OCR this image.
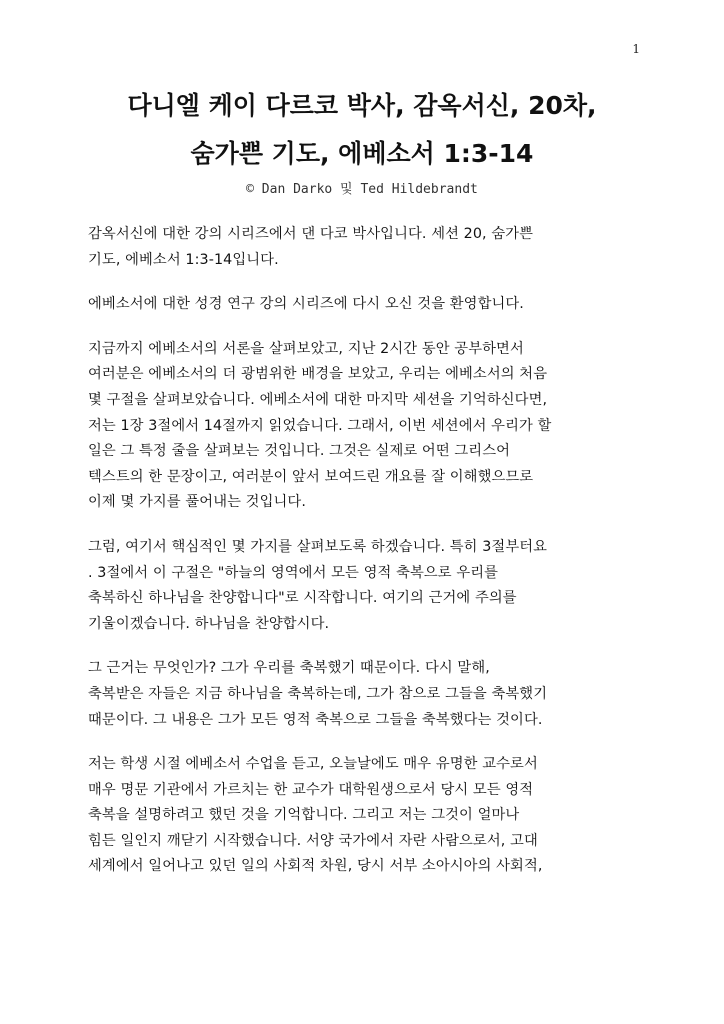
1
다니엘 케이 다르코 박사, 감옥서신, 20차,
숨가쁜 기도, 에베소서 1:3-14
© Dan Darko 및 Ted Hildebrandt

감옥서신에 대한 강의 시리즈에서 댄 다코 박사입니다. 세션 20, 숨가쁜
기도, 에베소서 1:3-14입니다.

에베소서에 대한 성경 연구 강의 시리즈에 다시 오신 것을 환영합니다.

지금까지 에베소서의 서론을 살펴보았고, 지난 2시간 동안 공부하면서
여러분은 에베소서의 더 광범위한 배경을 보았고, 우리는 에베소서의 처음
몇 구절을 살펴보았습니다. 에베소서에 대한 마지막 세션을 기억하신다면,
저는 1장 3절에서 14절까지 읽었습니다. 그래서, 이번 세션에서 우리가 할
일은 그 특정 줄을 살펴보는 것입니다. 그것은 실제로 어떤 그리스어
텍스트의 한 문장이고, 여러분이 앞서 보여드린 개요를 잘 이해했으므로
이제 몇 가지를 풀어내는 것입니다.

그럼, 여기서 핵심적인 몇 가지를 살펴보도록 하겠습니다. 특히 3절부터요
. 3절에서 이 구절은 "하늘의 영역에서 모든 영적 축복으로 우리를
축복하신 하나님을 찬양합니다"로 시작합니다. 여기의 근거에 주의를
기울이겠습니다. 하나님을 찬양합시다.

그 근거는 무엇인가? 그가 우리를 축복했기 때문이다. 다시 말해,
축복받은 자들은 지금 하나님을 축복하는데, 그가 참으로 그들을 축복했기
때문이다. 그 내용은 그가 모든 영적 축복으로 그들을 축복했다는 것이다.

저는 학생 시절 에베소서 수업을 듣고, 오늘날에도 매우 유명한 교수로서
매우 명문 기관에서 가르치는 한 교수가 대학원생으로서 당시 모든 영적
축복을 설명하려고 했던 것을 기억합니다. 그리고 저는 그것이 얼마나
힘든 일인지 깨닫기 시작했습니다. 서양 국가에서 자란 사람으로서, 고대
세계에서 일어나고 있던 일의 사회적 차원, 당시 서부 소아시아의 사회적,
